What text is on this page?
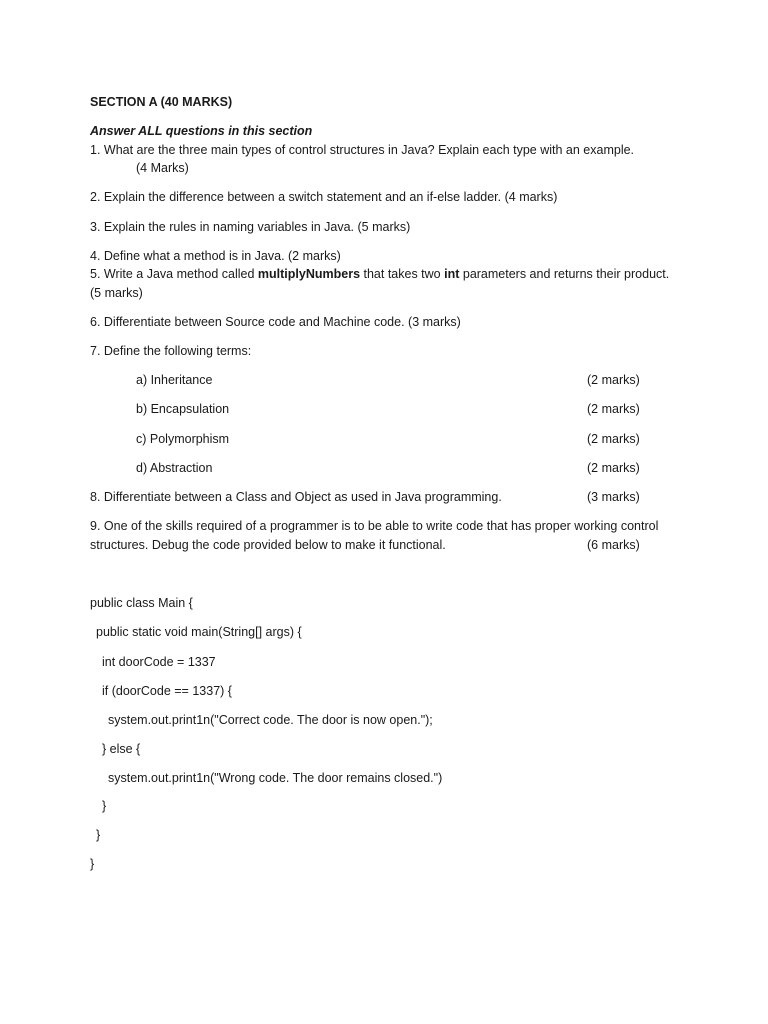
SECTION A (40 MARKS)
Answer ALL questions in this section
1. What are the three main types of control structures in Java? Explain each type with an example.
(4 Marks)
2. Explain the difference between a switch statement and an if-else ladder. (4 marks)
3. Explain the rules in naming variables in Java. (5 marks)
4. Define what a method is in Java. (2 marks)
5. Write a Java method called multiplyNumbers that takes two int parameters and returns their product.
(5 marks)
6. Differentiate between Source code and Machine code. (3 marks)
7. Define the following terms:
a) Inheritance	(2 marks)
b) Encapsulation	(2 marks)
c) Polymorphism	(2 marks)
d) Abstraction	(2 marks)
8. Differentiate between a Class and Object as used in Java programming.	(3 marks)
9. One of the skills required of a programmer is to be able to write code that has proper working control
structures. Debug the code provided below to make it functional.	(6 marks)
public class Main {
public static void main(String[] args) {
int doorCode = 1337
if (doorCode == 1337) {
system.out.print1n("Correct code. The door is now open.");
} else {
system.out.print1n("Wrong code. The door remains closed.")
}
}
}
